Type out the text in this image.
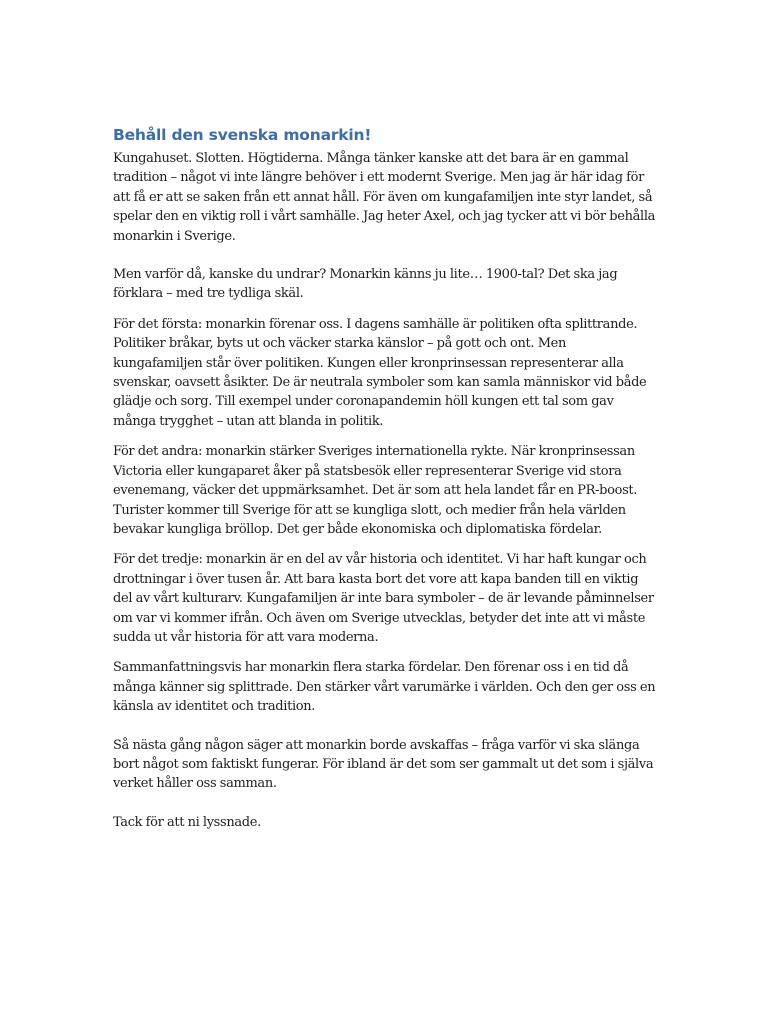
Behåll den svenska monarkin!

Kungahuset. Slotten. Högtiderna. Många tänker kanske att det bara är en gammal tradition – något vi inte längre behöver i ett modernt Sverige. Men jag är här idag för att få er att se saken från ett annat håll. För även om kungafamiljen inte styr landet, så spelar den en viktig roll i vårt samhälle. Jag heter Axel, och jag tycker att vi bör behålla monarkin i Sverige.

Men varför då, kanske du undrar? Monarkin känns ju lite… 1900-tal? Det ska jag förklara – med tre tydliga skäl.

För det första: monarkin förenar oss. I dagens samhälle är politiken ofta splittrande. Politiker bråkar, byts ut och väcker starka känslor – på gott och ont. Men kungafamiljen står över politiken. Kungen eller kronprinsessan representerar alla svenskar, oavsett åsikter. De är neutrala symboler som kan samla människor vid både glädje och sorg. Till exempel under coronapandemin höll kungen ett tal som gav många trygghet – utan att blanda in politik.

För det andra: monarkin stärker Sveriges internationella rykte. När kronprinsessan Victoria eller kungaparet åker på statsbesök eller representerar Sverige vid stora evenemang, väcker det uppmärksamhet. Det är som att hela landet får en PR-boost. Turister kommer till Sverige för att se kungliga slott, och medier från hela världen bevakar kungliga bröllop. Det ger både ekonomiska och diplomatiska fördelar.

För det tredje: monarkin är en del av vår historia och identitet. Vi har haft kungar och drottningar i över tusen år. Att bara kasta bort det vore att kapa banden till en viktig del av vårt kulturarv. Kungafamiljen är inte bara symboler – de är levande påminnelser om var vi kommer ifrån. Och även om Sverige utvecklas, betyder det inte att vi måste sudda ut vår historia för att vara moderna.

Sammanfattningsvis har monarkin flera starka fördelar. Den förenar oss i en tid då många känner sig splittrade. Den stärker vårt varumärke i världen. Och den ger oss en känsla av identitet och tradition.

Så nästa gång någon säger att monarkin borde avskaffas – fråga varför vi ska slänga bort något som faktiskt fungerar. För ibland är det som ser gammalt ut det som i själva verket håller oss samman.

Tack för att ni lyssnade.
